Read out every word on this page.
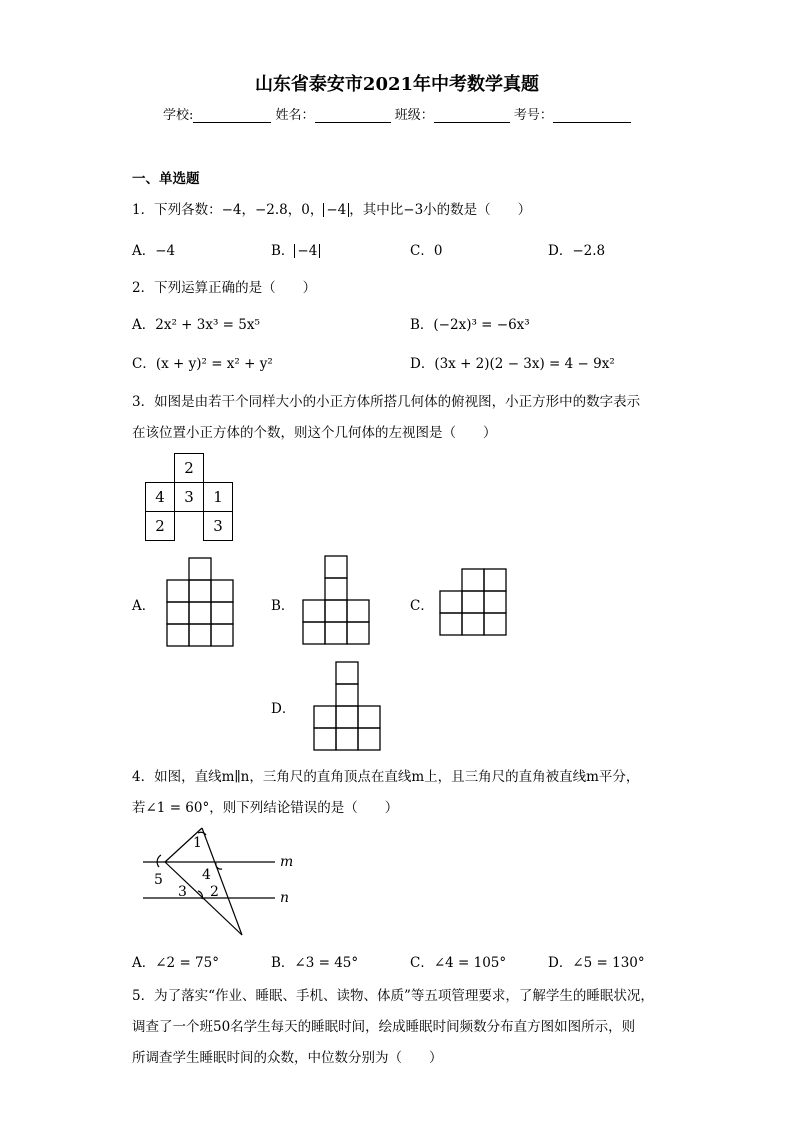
山东省泰安市2021年中考数学真题
学校:	姓名：	班级：	考号：
一、单选题
1．下列各数：−4，−2.8，0， −4 ，其中比−3小的数是（　　）
A．−4	B． −4	C．0	D．−2.8
2．下列运算正确的是（　　）
A．2x² + 3x³ = 5x⁵	B．(−2x)³ = −6x³
C．(x + y)² = x² + y²	D．(3x + 2)(2 − 3x) = 4 − 9x²
3．如图是由若干个同样大小的小正方体所搭几何体的俯视图，小正方形中的数字表示
在该位置小正方体的个数，则这个几何体的左视图是（　　）
	2	
4	3	1
2		3
A．	B．	C．
D．
4．如图，直线m∥n，三角尺的直角顶点在直线m上，且三角尺的直角被直线m平分，
若∠1 = 60°，则下列结论错误的是（　　）
1
4
5
3 2
m
n
A．∠2 = 75°	B．∠3 = 45°	C．∠4 = 105°	D．∠5 = 130°
5．为了落实“作业、睡眠、手机、读物、体质”等五项管理要求，了解学生的睡眠状况，
调查了一个班50名学生每天的睡眠时间，绘成睡眠时间频数分布直方图如图所示，则
所调查学生睡眠时间的众数，中位数分别为（　　）
